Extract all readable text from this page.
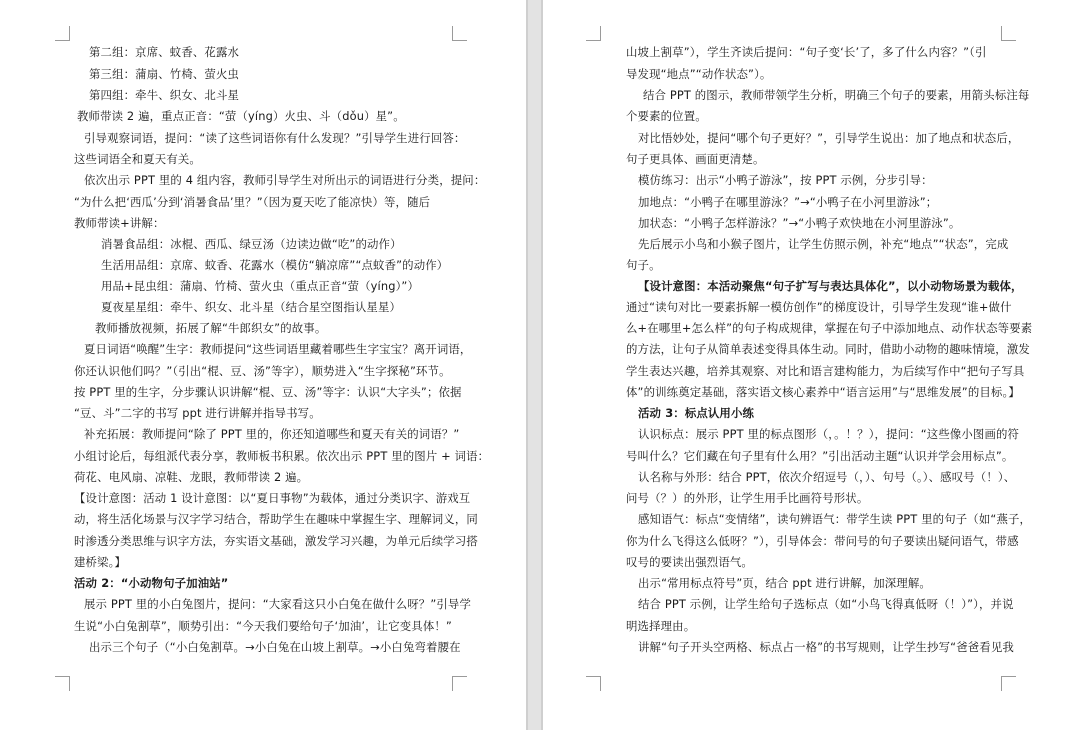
第二组：京席、蚊香、花露水
第三组：蒲扇、竹椅、萤火虫
第四组：牵牛、织女、北斗星
教师带读 2 遍，重点正音：“萤（yíng）火虫、斗（dǒu）星”。
引导观察词语，提问：“读了这些词语你有什么发现？”引导学生进行回答：
这些词语全和夏天有关。
依次出示 PPT 里的 4 组内容，教师引导学生对所出示的词语进行分类，提问：
“为什么把‘西瓜’分到‘消暑食品’里？”（因为夏天吃了能凉快）等，随后
教师带读+讲解：
消暑食品组：冰棍、西瓜、绿豆汤（边读边做“吃”的动作）
生活用品组：京席、蚊香、花露水（模仿“躺凉席”“点蚊香”的动作）
用品+昆虫组：蒲扇、竹椅、萤火虫（重点正音“萤（yíng）”）
夏夜星星组：牵牛、织女、北斗星（结合星空图指认星星）
教师播放视频，拓展了解“牛郎织女”的故事。
夏日词语“唤醒”生字：教师提问“这些词语里藏着哪些生字宝宝？离开词语，
你还认识他们吗？”（引出“棍、豆、汤”等字），顺势进入“生字探秘”环节。
按 PPT 里的生字，分步骤认识讲解“棍、豆、汤”等字：认识“大字头”；依据
“豆、斗”二字的书写 ppt 进行讲解并指导书写。
补充拓展：教师提问“除了 PPT 里的，你还知道哪些和夏天有关的词语？”
小组讨论后，每组派代表分享，教师板书积累。依次出示 PPT 里的图片 + 词语：
荷花、电风扇、凉鞋、龙眼，教师带读 2 遍。
【设计意图：活动 1 设计意图：以“夏日事物”为载体，通过分类识字、游戏互
动，将生活化场景与汉字学习结合，帮助学生在趣味中掌握生字、理解词义，同
时渗透分类思维与识字方法，夯实语文基础，激发学习兴趣，为单元后续学习搭
建桥梁。】
活动 2：“小动物句子加油站”
展示 PPT 里的小白兔图片，提问：“大家看这只小白兔在做什么呀？”引导学
生说“小白兔割草”，顺势引出：“今天我们要给句子‘加油’，让它变具体！”
出示三个句子（“小白兔割草。→小白兔在山坡上割草。→小白兔弯着腰在
山坡上割草”），学生齐读后提问：“句子变‘长’了，多了什么内容？”（引
导发现“地点”“动作状态”）。
结合 PPT 的图示，教师带领学生分析，明确三个句子的要素，用箭头标注每
个要素的位置。
对比悟妙处，提问“哪个句子更好？”，引导学生说出：加了地点和状态后，
句子更具体、画面更清楚。
模仿练习：出示“小鸭子游泳”，按 PPT 示例，分步引导：
加地点：“小鸭子在哪里游泳？”→“小鸭子在小河里游泳”；
加状态：“小鸭子怎样游泳？”→“小鸭子欢快地在小河里游泳”。
先后展示小鸟和小猴子图片，让学生仿照示例，补充“地点”“状态”，完成
句子。
【设计意图：本活动聚焦“句子扩写与表达具体化”，以小动物场景为载体，
通过“读句对比一要素拆解一模仿创作”的梯度设计，引导学生发现“谁+做什
么+在哪里+怎么样”的句子构成规律，掌握在句子中添加地点、动作状态等要素
的方法，让句子从简单表述变得具体生动。同时，借助小动物的趣味情境，激发
学生表达兴趣，培养其观察、对比和语言建构能力，为后续写作中“把句子写具
体”的训练奠定基础，落实语文核心素养中“语言运用”与“思维发展”的目标。】
活动 3：标点认用小练
认识标点：展示 PPT 里的标点图形（，。！？），提问：“这些像小图画的符
号叫什么？它们藏在句子里有什么用？”引出活动主题“认识并学会用标点”。
认名称与外形：结合 PPT，依次介绍逗号（，）、句号（。）、感叹号（！）、
问号（？）的外形，让学生用手比画符号形状。
感知语气：标点“变情绪”，读句辨语气：带学生读 PPT 里的句子（如“燕子，
你为什么飞得这么低呀？”），引导体会：带问号的句子要读出疑问语气，带感
叹号的要读出强烈语气。
出示“常用标点符号”页，结合 ppt 进行讲解，加深理解。
结合 PPT 示例，让学生给句子选标点（如“小鸟飞得真低呀（！）”），并说
明选择理由。
讲解“句子开头空两格、标点占一格”的书写规则，让学生抄写“爸爸看见我
